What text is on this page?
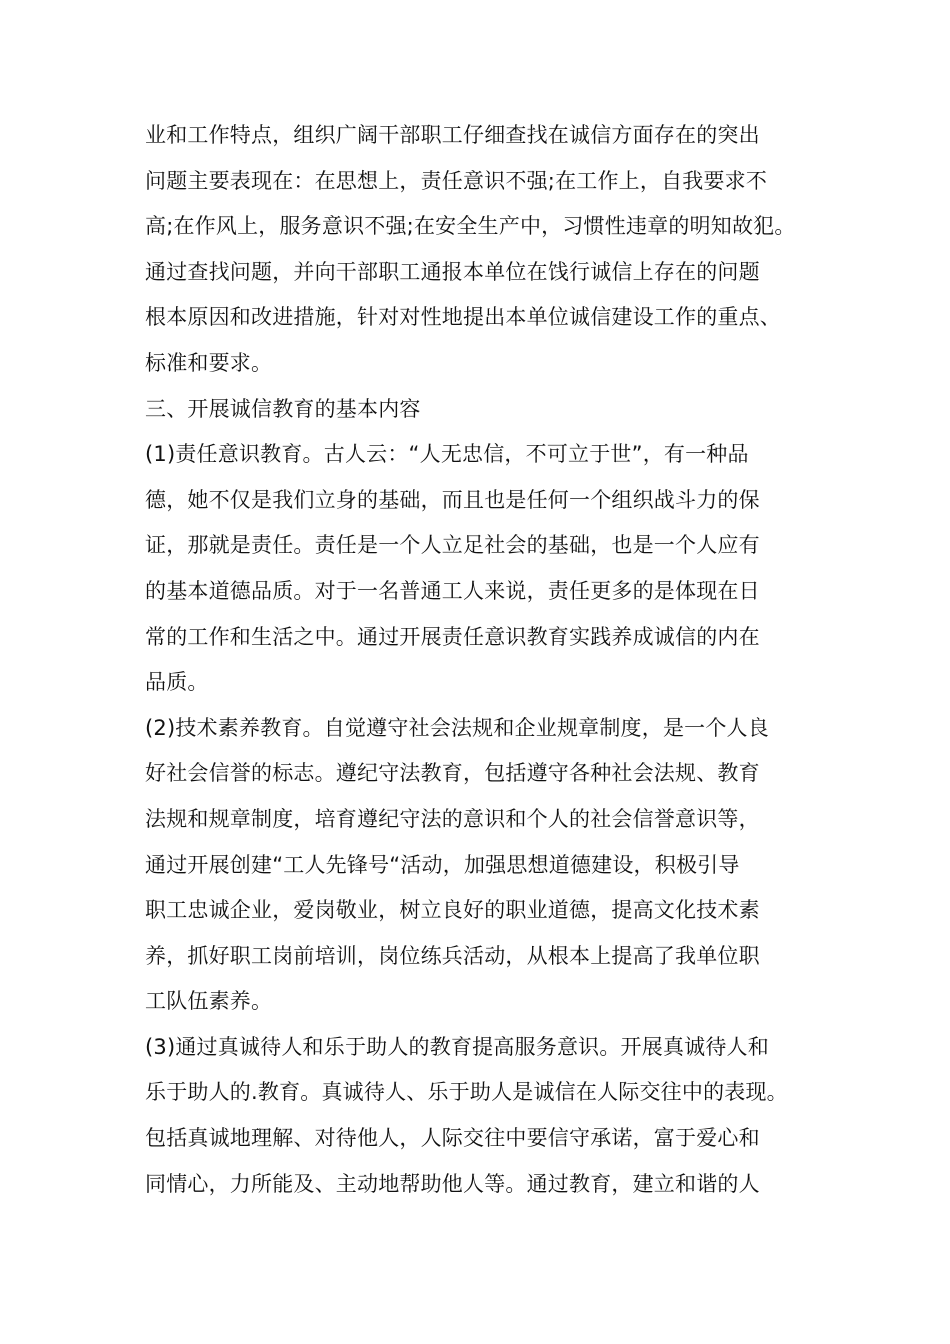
业和工作特点，组织广阔干部职工仔细查找在诚信方面存在的突出
问题主要表现在：在思想上，责任意识不强;在工作上，自我要求不
高;在作风上，服务意识不强;在安全生产中，习惯性违章的明知故犯。
通过查找问题，并向干部职工通报本单位在饯行诚信上存在的问题
根本原因和改进措施，针对对性地提出本单位诚信建设工作的重点、
标准和要求。
三、开展诚信教育的基本内容
(1)责任意识教育。古人云：“人无忠信，不可立于世”，有一种品
德，她不仅是我们立身的基础，而且也是任何一个组织战斗力的保
证，那就是责任。责任是一个人立足社会的基础，也是一个人应有
的基本道德品质。对于一名普通工人来说，责任更多的是体现在日
常的工作和生活之中。通过开展责任意识教育实践养成诚信的内在
品质。
(2)技术素养教育。自觉遵守社会法规和企业规章制度，是一个人良
好社会信誉的标志。遵纪守法教育，包括遵守各种社会法规、教育
法规和规章制度，培育遵纪守法的意识和个人的社会信誉意识等，
通过开展创建“工人先锋号“活动，加强思想道德建设，积极引导
职工忠诚企业，爱岗敬业，树立良好的职业道德，提高文化技术素
养，抓好职工岗前培训，岗位练兵活动，从根本上提高了我单位职
工队伍素养。
(3)通过真诚待人和乐于助人的教育提高服务意识。开展真诚待人和
乐于助人的.教育。真诚待人、乐于助人是诚信在人际交往中的表现。
包括真诚地理解、对待他人，人际交往中要信守承诺，富于爱心和
同情心，力所能及、主动地帮助他人等。通过教育，建立和谐的人
